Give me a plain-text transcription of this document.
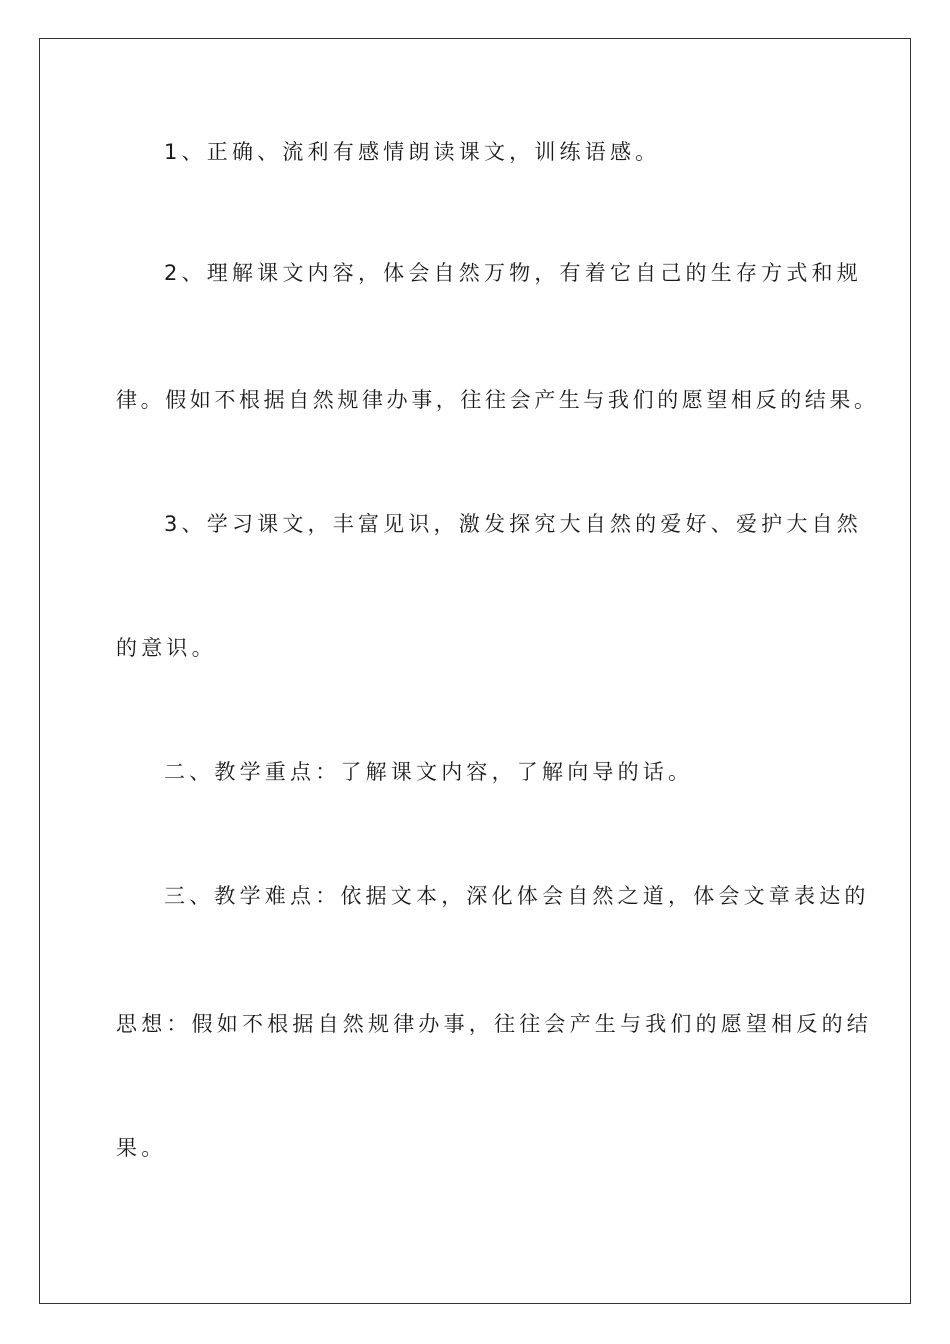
1、正确、流利有感情朗读课文，训练语感。
2、理解课文内容，体会自然万物，有着它自己的生存方式和规
律。假如不根据自然规律办事，往往会产生与我们的愿望相反的结果。
3、学习课文，丰富见识，激发探究大自然的爱好、爱护大自然
的意识。
二、教学重点：了解课文内容，了解向导的话。
三、教学难点：依据文本，深化体会自然之道，体会文章表达的
思想：假如不根据自然规律办事，往往会产生与我们的愿望相反的结
果。
